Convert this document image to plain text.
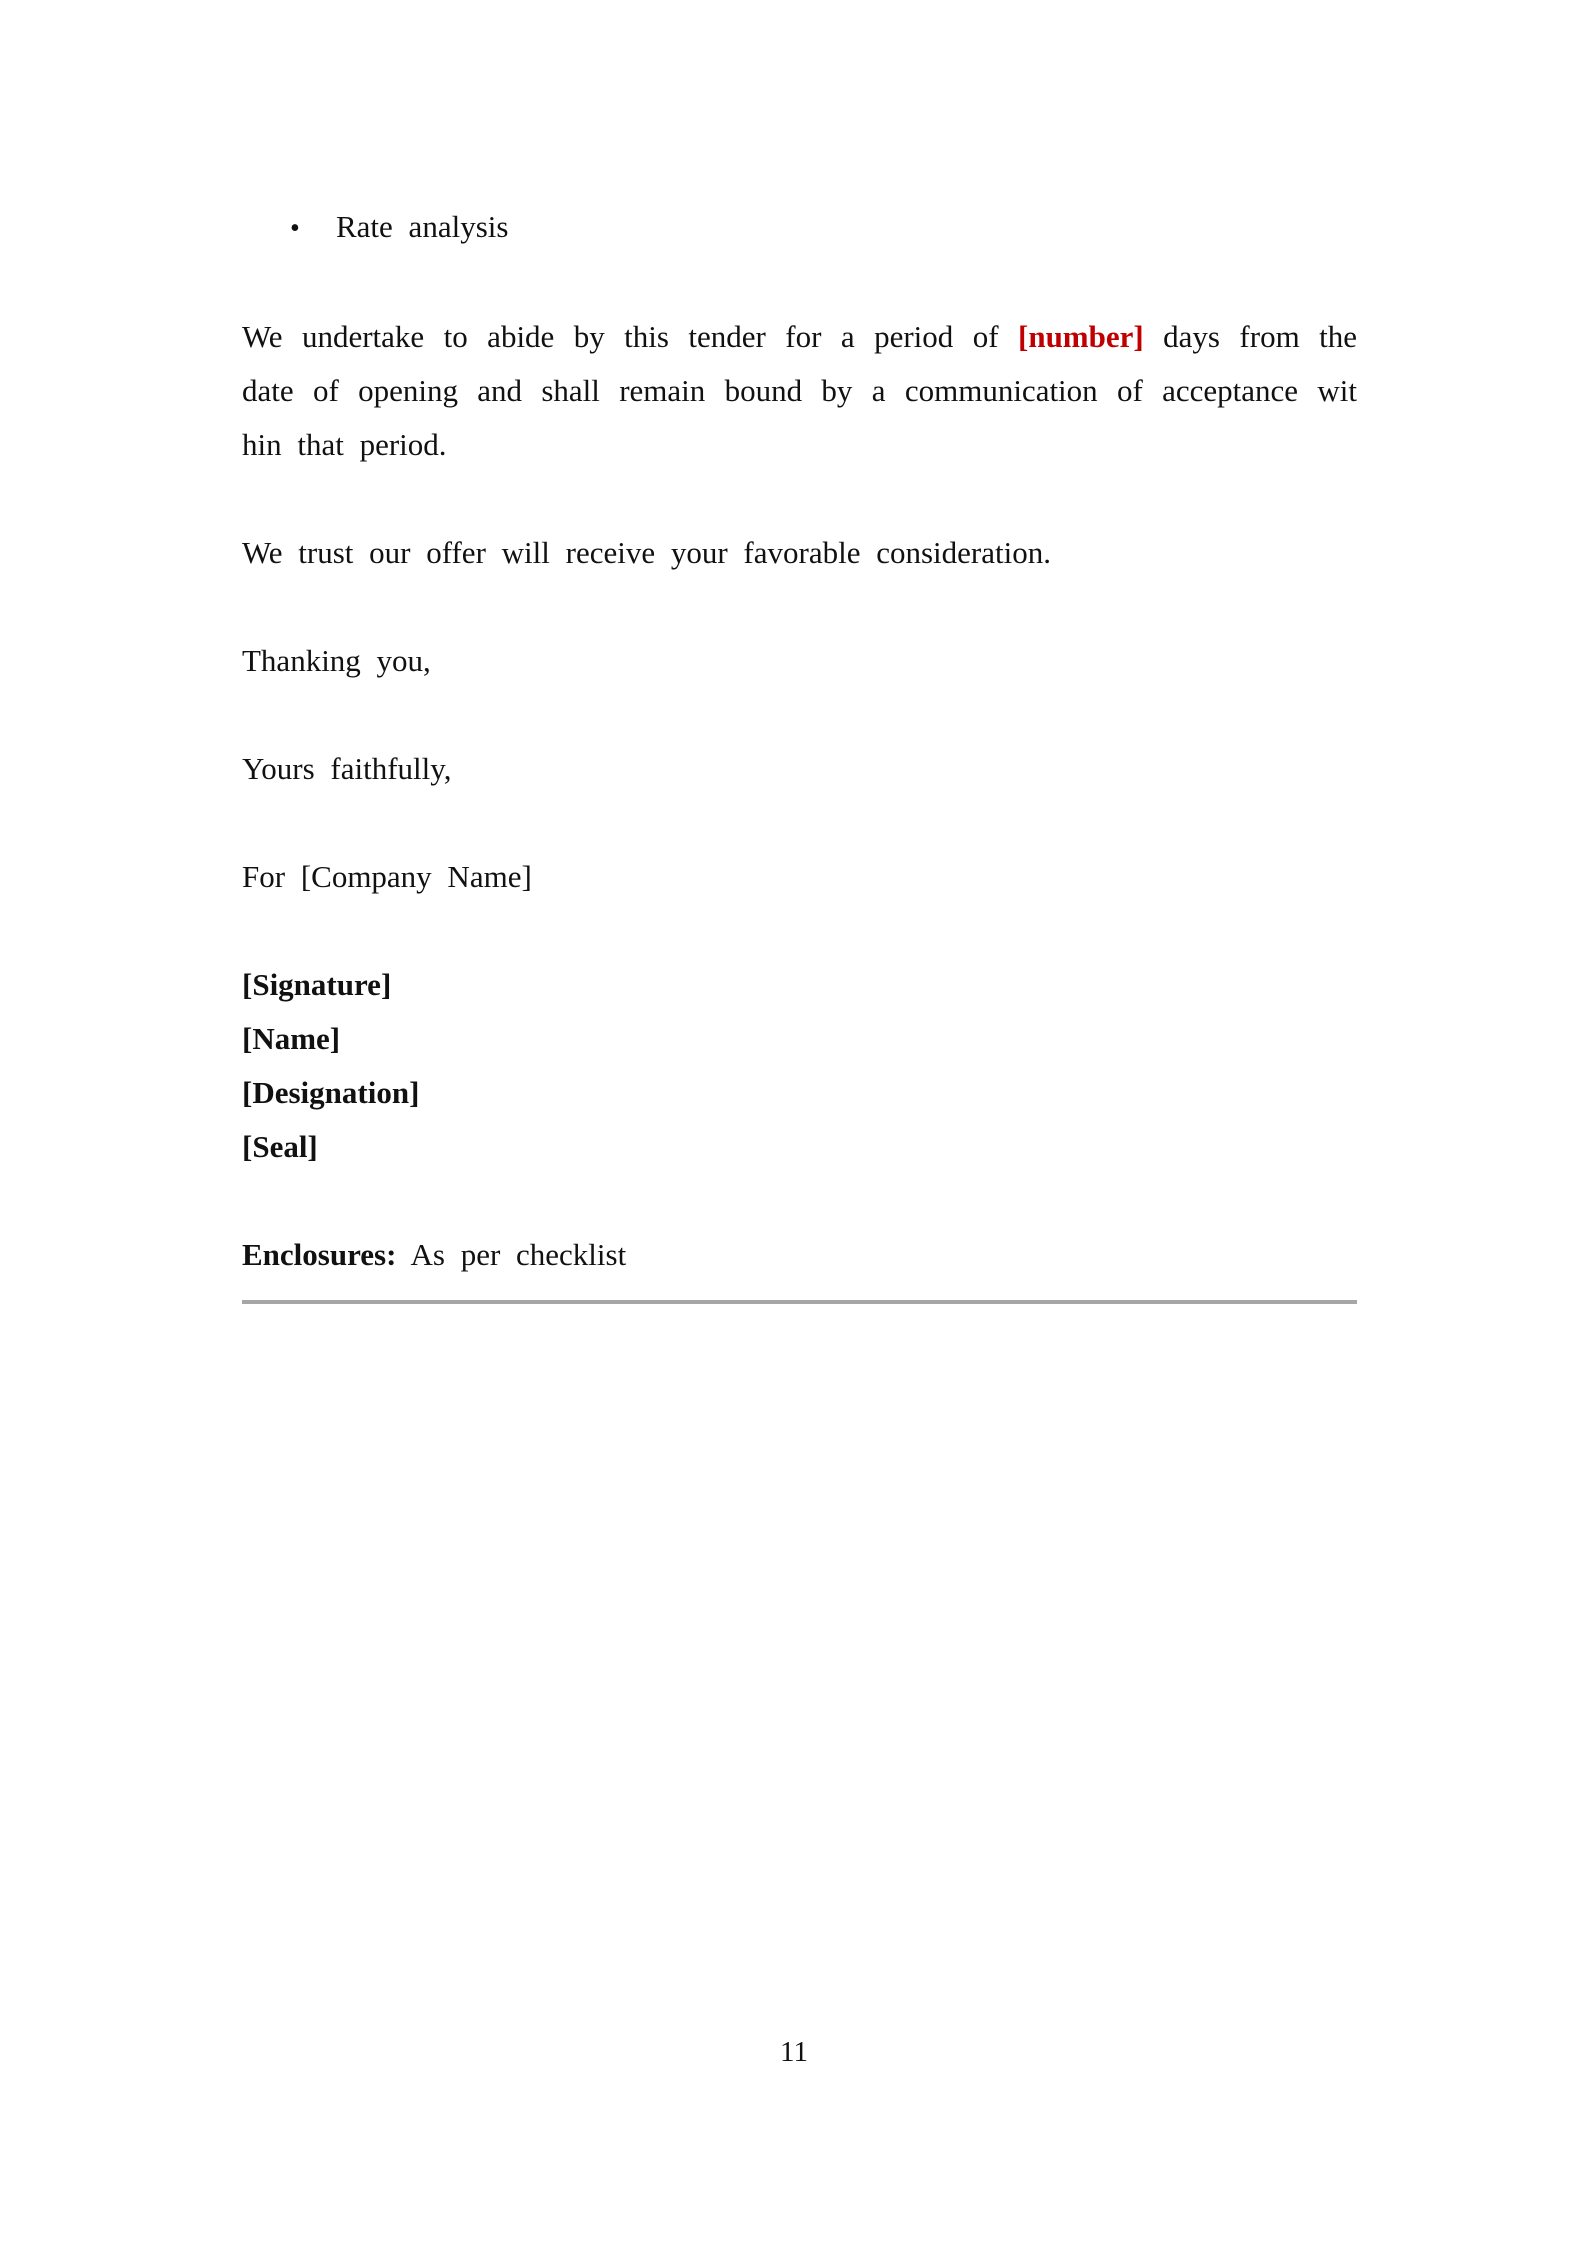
•	Rate analysis

We undertake to abide by this tender for a period of [number] days from the date of opening and shall remain bound by a communication of acceptance wit hin that period.

We trust our offer will receive your favorable consideration.

Thanking you,

Yours faithfully,

For [Company Name]

[Signature]

[Name]

[Designation]

[Seal]

Enclosures: As per checklist

11
